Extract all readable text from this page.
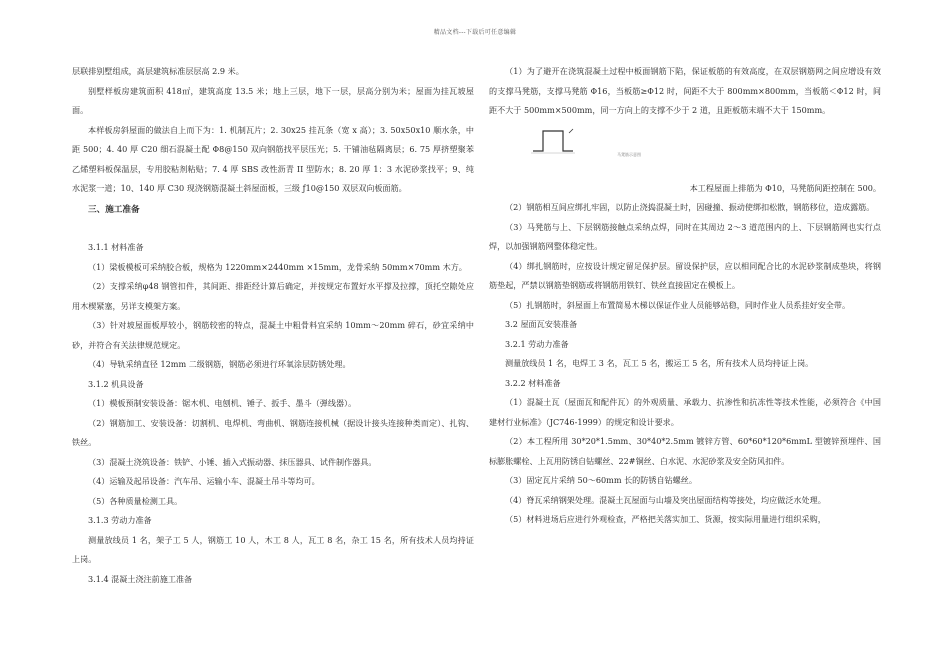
精品文档---下载后可任意编辑

层联排别墅组成，高层建筑标准层层高 2.9 米。

别墅样板房建筑面积 418㎡，建筑高度 13.5 米；地上三层，地下一层，层高分别为米；屋面为挂瓦坡屋面。

本样板房斜屋面的做法自上而下为：1. 机制瓦片；2. 30x25 挂瓦条（宽 x 高）；3. 50x50x10 顺水条，中距 500；4. 40 厚 C20 细石混凝土配 Φ8@150 双向钢筋找平层压光；5. 干铺油毡隔离层；6. 75 厚挤塑聚苯乙烯塑料板保温层，专用胶粘剂粘贴；7. 4 厚 SBS 改性沥青 II 型防水；8. 20 厚 1：3 水泥砂浆找平；9、纯水泥浆一道；10、140 厚 C30 现浇钢筋混凝土斜屋面板，三级 ƒ10@150 双层双向板面筋。

三、施工准备

3.1.1 材料准备

（1）梁板模板可采纳胶合板，规格为 1220mm×2440mm ×15mm，龙骨采纳 50mm×70mm 木方。

（2）支撑采纳φ48 钢管扣件，其间距、排距经计算后确定，并按规定布置好水平撑及拉撑，顶托空隙处应用木楔紧塞，另详支模架方案。

（3）针对坡屋面板厚较小，钢筋较密的特点，混凝土中粗骨料宜采纳 10mm～20mm 碎石，砂宜采纳中砂，并符合有关法律规范规定。

（4）导轨采纳直径 12mm 二级钢筋，钢筋必须进行环氧涂层防锈处理。

3.1.2 机具设备

（1）模板预制安装设备：锯木机、电刨机、锤子、扳手、墨斗（弹线器）。

（2）钢筋加工、安装设备：切割机、电焊机、弯曲机、钢筋连接机械（据设计接头连接种类而定）、扎钩、铁丝。

（3）混凝土浇筑设备：铁铲、小锤、插入式振动器、抹压器具、试件制作器具。

（4）运输及起吊设备：汽车吊、运输小车、混凝土吊斗等均可。

（5）各种质量检测工具。

3.1.3 劳动力准备

测量放线员 1 名，架子工 5 人，钢筋工 10 人，木工 8 人，瓦工 8 名，杂工 15 名，所有技术人员均持证上岗。

3.1.4 混凝土浇注前施工准备

（1）为了避开在浇筑混凝土过程中板面钢筋下陷，保证板筋的有效高度，在双层钢筋网之间应增设有效的支撑马凳筋，支撑马凳筋 Φ16，当板筋≥Φ12 时，间距不大于 800mm×800mm，当板筋＜Φ12 时，间距不大于 500mm×500mm，同一方向上的支撑不少于 2 道，且距板筋末端不大于 150mm。

马凳筋示意图

本工程屋面上排筋为 Φ10，马凳筋间距控制在 500。

（2）钢筋相互间应绑扎牢固，以防止浇捣混凝土时，因碰撞、振动使绑扣松散，钢筋移位，造成露筋。

（3）马凳筋与上、下层钢筋接触点采纳点焊，同时在其周边 2～3 道范围内的上、下层钢筋网也实行点焊，以加强钢筋网整体稳定性。

（4）绑扎钢筋时，应按设计规定留足保护层。留设保护层，应以相同配合比的水泥砂浆制成垫块，将钢筋垫起，严禁以钢筋垫钢筋或将钢筋用铁钉、铁丝直接固定在模板上。

（5）扎钢筋时，斜屋面上布置简易木梯以保证作业人员能够站稳，同时作业人员系挂好安全带。

3.2 屋面瓦安装准备

3.2.1 劳动力准备

测量放线员 1 名，电焊工 3 名，瓦工 5 名，搬运工 5 名，所有技术人员均持证上岗。

3.2.2 材料准备

（1）混凝土瓦（屋面瓦和配件瓦）的外观质量、承载力、抗渗性和抗冻性等技术性能，必须符合《中国建材行业标准》（JC746-1999）的规定和设计要求。

（2）本工程所用 30*20*1.5mm、30*40*2.5mm 镀锌方管、60*60*120*6mmL 型镀锌预埋件、国标膨胀螺栓、上瓦用防锈自钻螺丝、22#铜丝、白水泥、水泥砂浆及安全防风扣件。

（3）固定瓦片采纳 50～60mm 长的防锈自钻螺丝。

（4）脊瓦采纳钢架处理。混凝土瓦屋面与山墙及突出屋面结构等接处，均应做泛水处理。

（5）材料进场后应进行外观检查，严格把关落实加工、货源，按实际用量进行组织采购，
